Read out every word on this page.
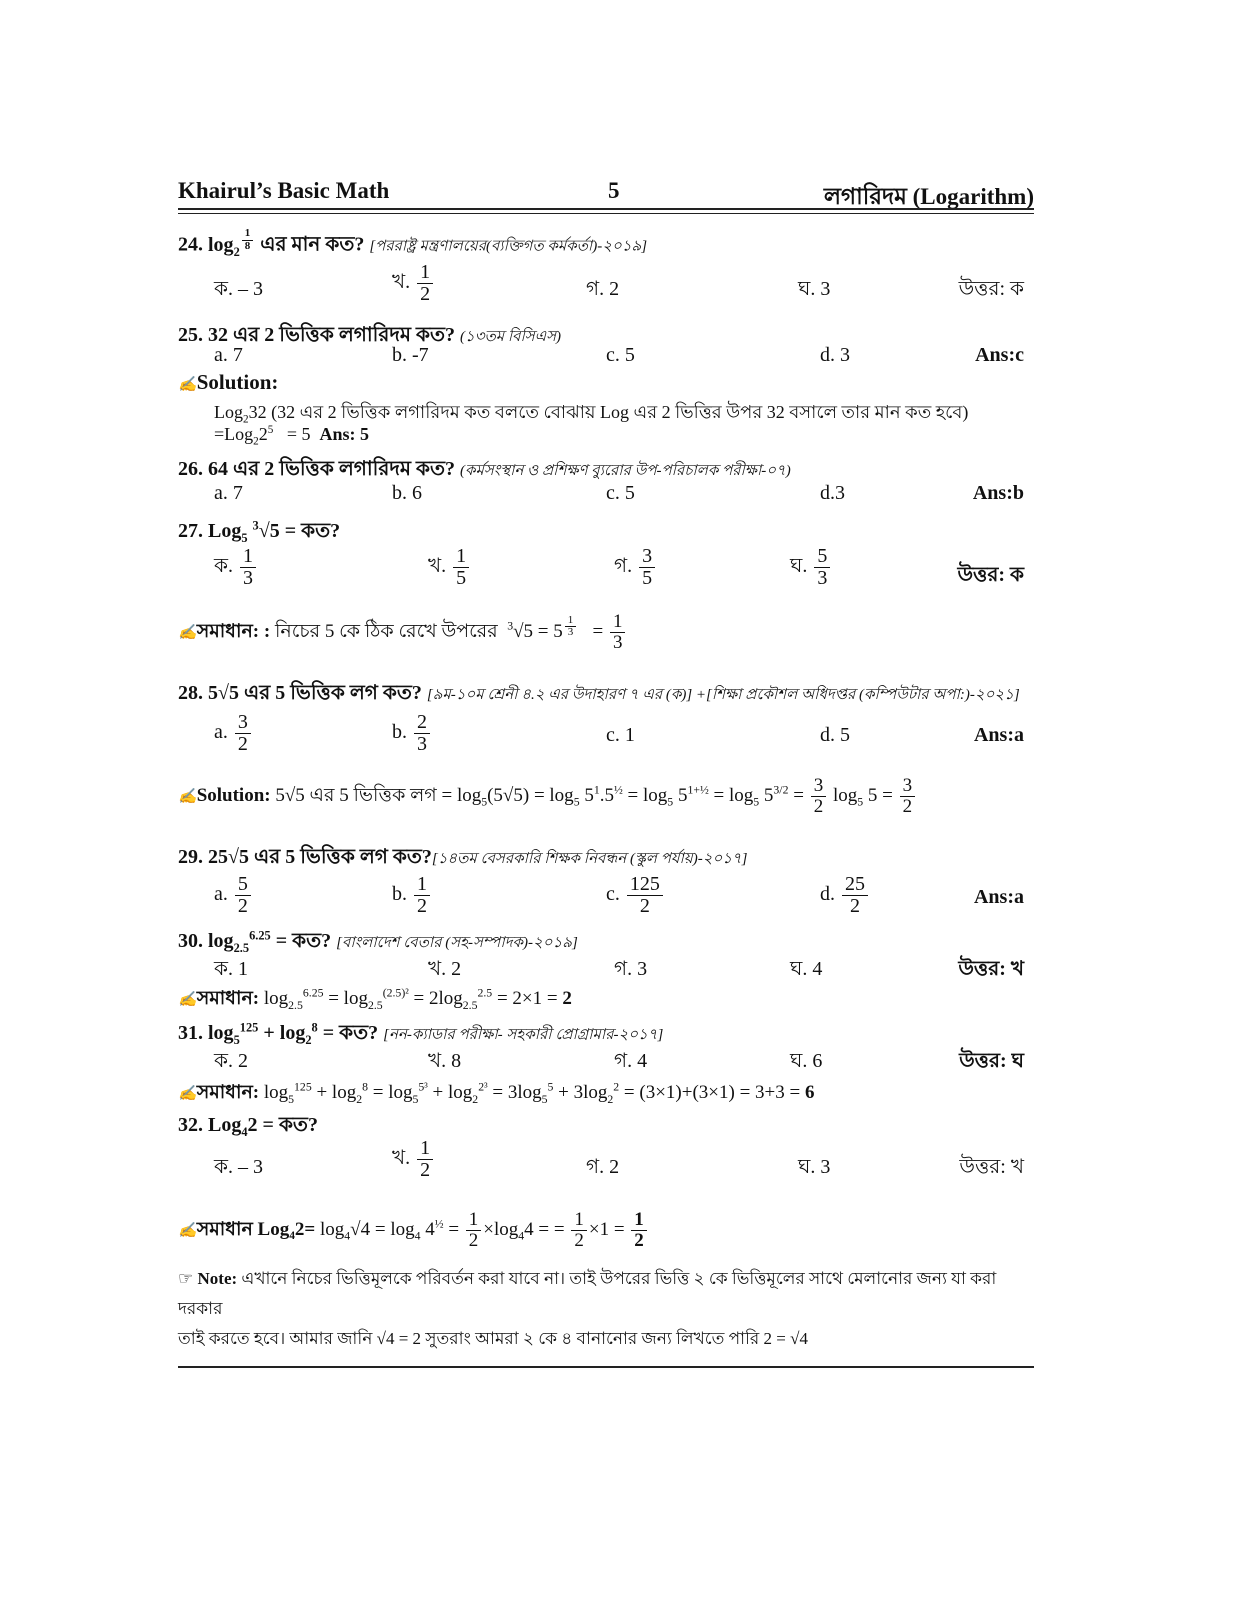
Khairul’s Basic Math	5	লগারিদম (Logarithm)
24. $\log_2 ^{\frac{1}{8}}$ এর মান কত? [পররাষ্ট্র মন্ত্রণালয়ের(ব্যক্তিগত কর্মকর্তা)-২০১৯]
ক. – 3	খ. $\frac{1}{2}$	গ. 2	ঘ. 3	উত্তর: ক
25. 32 এর 2 ভিত্তিক লগারিদম কত? (১৩তম বিসিএস)
a. 7	b. -7	c. 5	d. 3	Ans:c
✍Solution:
Log$_2$32 (32 এর 2 ভিত্তিক লগারিদম কত বলতে বোঝায় Log এর 2 ভিত্তির উপর 32 বসালে তার মান কত হবে)
$=Log_22^5 = 5$  Ans: 5
26. 64 এর 2 ভিত্তিক লগারিদম কত? (কর্মসংস্থান ও প্রশিক্ষণ ব্যুরোর উপ-পরিচালক পরীক্ষা-০৭)
a. 7	b. 6	c. 5	d.3	Ans:b
27. Log$_5$ $^3$√5 = কত?
ক. $\frac{1}{3}$	খ. $\frac{1}{5}$	গ. $\frac{3}{5}$	ঘ. $\frac{5}{3}$	উত্তর: ক
✍সমাধান: : নিচের 5 কে ঠিক রেখে উপরের $^3$√5 = 5 $^{\frac{1}{3}} = \frac{1}{3}$
28. 5√5 এর 5 ভিত্তিক লগ কত? [৯ম-১০ম শ্রেনী ৪.২ এর উদাহারণ ৭ এর (ক)] +[শিক্ষা প্রকৌশল অধিদপ্তর (কম্পিউটার অপা:)-২০২১]
a. $\frac{3}{2}$	b. $\frac{2}{3}$	c. 1	d. 5	Ans:a
✍Solution: 5√5 এর 5 ভিত্তিক লগ = $\log_5(5√5) = \log_5 5^1.5^{\frac{1}{2}} = \log_5 5^{1+\frac{1}{2}} = \log_5 5^{3/2} = \frac{3}{2} \log_5 5 = \frac{3}{2}$
29. 25√5 এর 5 ভিত্তিক লগ কত?[১৪তম বেসরকারি শিক্ষক নিবন্ধন (স্কুল পর্যায়)-২০১৭]
a. $\frac{5}{2}$	b. $\frac{1}{2}$	c. $\frac{125}{2}$	d. $\frac{25}{2}$	Ans:a
30. $\log_{2.5}^{6.25}$ = কত? [বাংলাদেশ বেতার (সহ-সম্পাদক)-২০১৯]
ক. 1	খ. 2	গ. 3	ঘ. 4	উত্তর: খ
✍সমাধান: $\log_{2.5}^{6.25} = \log_{2.5}^{(2.5)^2} = 2\log_{2.5}^{2.5} = 2\times 1 = 2$
31. $\log_5^{125} + \log_2^8$ = কত? [নন-ক্যাডার পরীক্ষা- সহকারী প্রোগ্রামার-২০১৭]
ক. 2	খ. 8	গ. 4	ঘ. 6	উত্তর: ঘ
✍সমাধান: $\log_5^{125} + \log_2^8 = \log_5^{5^3} + \log_2^{2^3} = 3\log_5^5 + 3\log_2^2 = (3\times 1)+(3\times 1) = 3+3 = 6$
32. Log$_4$2 = কত?
ক. – 3	খ. $\frac{1}{2}$	গ. 2	ঘ. 3	উত্তর: খ
✍সমাধান $Log_42= \log_4√4 = \log_4 4^{\frac{1}{2}} = \frac{1}{2} \times\log_44$ = = $\frac{1}{2} \times 1 = \frac{1}{2}$
☞ Note: এখানে নিচের ভিত্তিমূলকে পরিবর্তন করা যাবে না। তাই উপরের ভিত্তি ২ কে ভিত্তিমূলের সাথে মেলানোর জন্য যা করা দরকার
তাই করতে হবে। আমার জানি √4 = 2 সুতরাং আমরা ২ কে ৪ বানানোর জন্য লিখতে পারি 2 = √4
